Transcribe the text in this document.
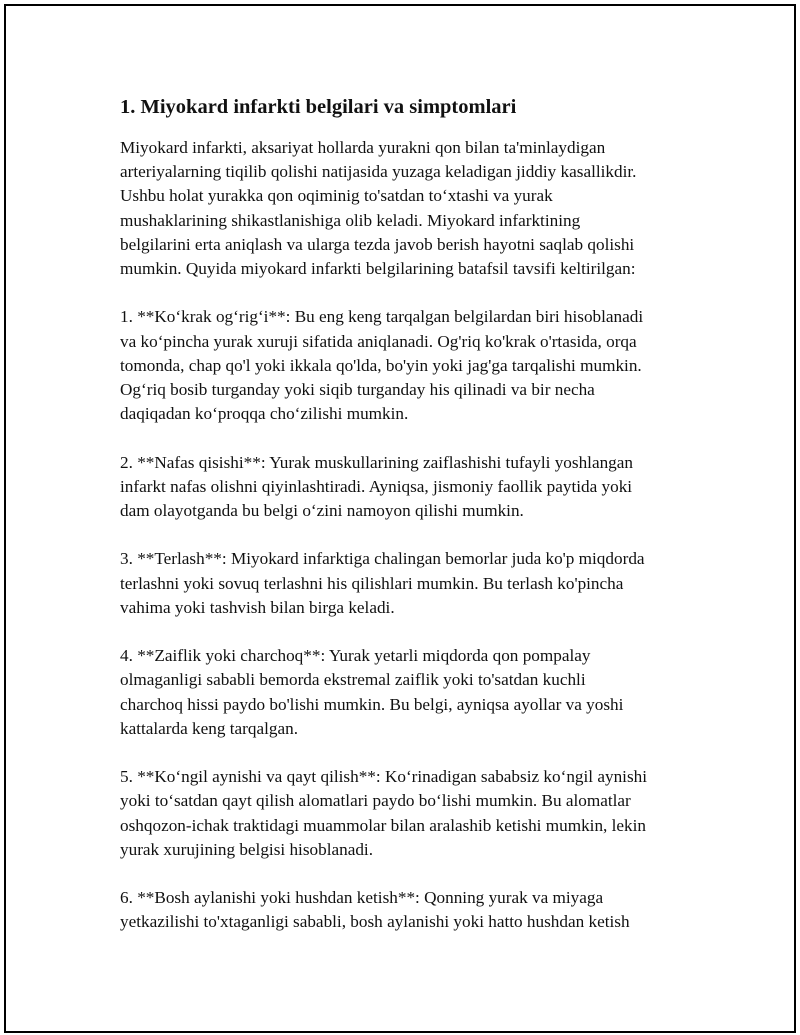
1. Miyokard infarkti belgilari va simptomlari

Miyokard infarkti, aksariyat hollarda yurakni qon bilan ta'minlaydigan
arteriyalarning tiqilib qolishi natijasida yuzaga keladigan jiddiy kasallikdir.
Ushbu holat yurakka qon oqiminig to'satdan to‘xtashi va yurak
mushaklarining shikastlanishiga olib keladi. Miyokard infarktining
belgilarini erta aniqlash va ularga tezda javob berish hayotni saqlab qolishi
mumkin. Quyida miyokard infarkti belgilarining batafsil tavsifi keltirilgan:

1. **Ko‘krak og‘rig‘i**: Bu eng keng tarqalgan belgilardan biri hisoblanadi
va ko‘pincha yurak xuruji sifatida aniqlanadi. Og'riq ko'krak o'rtasida, orqa
tomonda, chap qo'l yoki ikkala qo'lda, bo'yin yoki jag'ga tarqalishi mumkin.
Og‘riq bosib turganday yoki siqib turganday his qilinadi va bir necha
daqiqadan ko‘proqqa cho‘zilishi mumkin.

2. **Nafas qisishi**: Yurak muskullarining zaiflashishi tufayli yoshlangan
infarkt nafas olishni qiyinlashtiradi. Ayniqsa, jismoniy faollik paytida yoki
dam olayotganda bu belgi o‘zini namoyon qilishi mumkin.

3. **Terlash**: Miyokard infarktiga chalingan bemorlar juda ko'p miqdorda
terlashni yoki sovuq terlashni his qilishlari mumkin. Bu terlash ko'pincha
vahima yoki tashvish bilan birga keladi.

4. **Zaiflik yoki charchoq**: Yurak yetarli miqdorda qon pompalay
olmaganligi sababli bemorda ekstremal zaiflik yoki to'satdan kuchli
charchoq hissi paydo bo'lishi mumkin. Bu belgi, ayniqsa ayollar va yoshi
kattalarda keng tarqalgan.

5. **Ko‘ngil aynishi va qayt qilish**: Ko‘rinadigan sababsiz ko‘ngil aynishi
yoki to‘satdan qayt qilish alomatlari paydo bo‘lishi mumkin. Bu alomatlar
oshqozon-ichak traktidagi muammolar bilan aralashib ketishi mumkin, lekin
yurak xurujining belgisi hisoblanadi.

6. **Bosh aylanishi yoki hushdan ketish**: Qonning yurak va miyaga
yetkazilishi to'xtaganligi sababli, bosh aylanishi yoki hatto hushdan ketish
